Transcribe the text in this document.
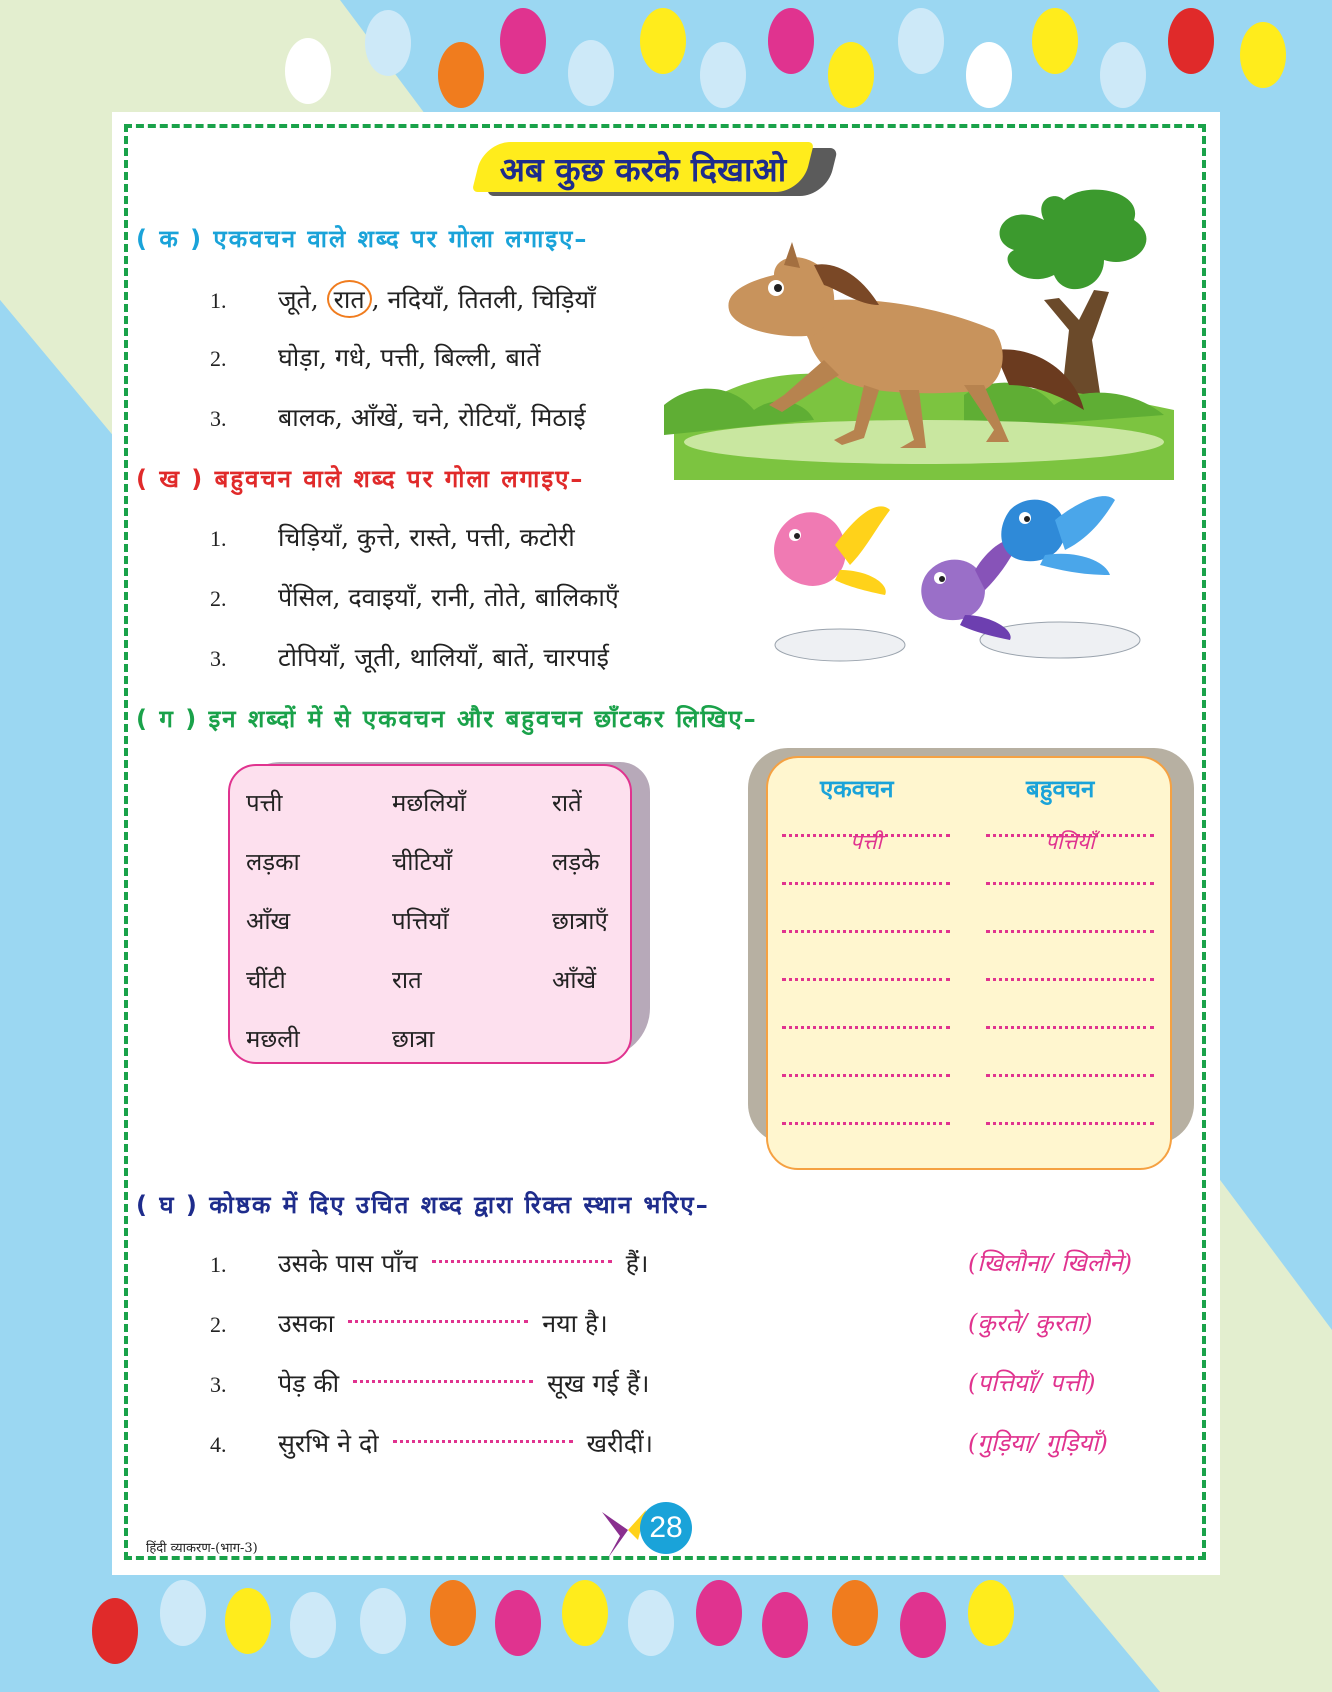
अब कुछ करके दिखाओ
( क ) एकवचन वाले शब्द पर गोला लगाइए–
1. जूते, रात , नदियाँ, तितली, चिड़ियाँ
2. घोड़ा, गधे, पत्ती, बिल्ली, बातें
3. बालक, आँखें, चने, रोटियाँ, मिठाई
( ख ) बहुवचन वाले शब्द पर गोला लगाइए–
1. चिड़ियाँ, कुत्ते, रास्ते, पत्ती, कटोरी
2. पेंसिल, दवाइयाँ, रानी, तोते, बालिकाएँ
3. टोपियाँ, जूती, थालियाँ, बातें, चारपाई
( ग ) इन शब्दों में से एकवचन और बहुवचन छाँटकर लिखिए–
पत्ती	मछलियाँ	रातें
लड़का	चीटियाँ	लड़के
आँख	पत्तियाँ	छात्राएँ
चींटी	रात	आँखें
मछली	छात्रा
एकवचन	बहुवचन
पत्ती	पत्तियाँ
( घ ) कोष्ठक में दिए उचित शब्द द्वारा रिक्त स्थान भरिए–
1. उसके पास पाँच	हैं।	(खिलौना/ खिलौने)
2. उसका	नया है।	(कुरते/ कुरता)
3. पेड़ की	सूख गई हैं।	(पत्तियाँ/ पत्ती)
4. सुरभि ने दो	खरीदीं।	(गुड़िया/ गुड़ियाँ)
हिंदी व्याकरण-(भाग-3)
28
